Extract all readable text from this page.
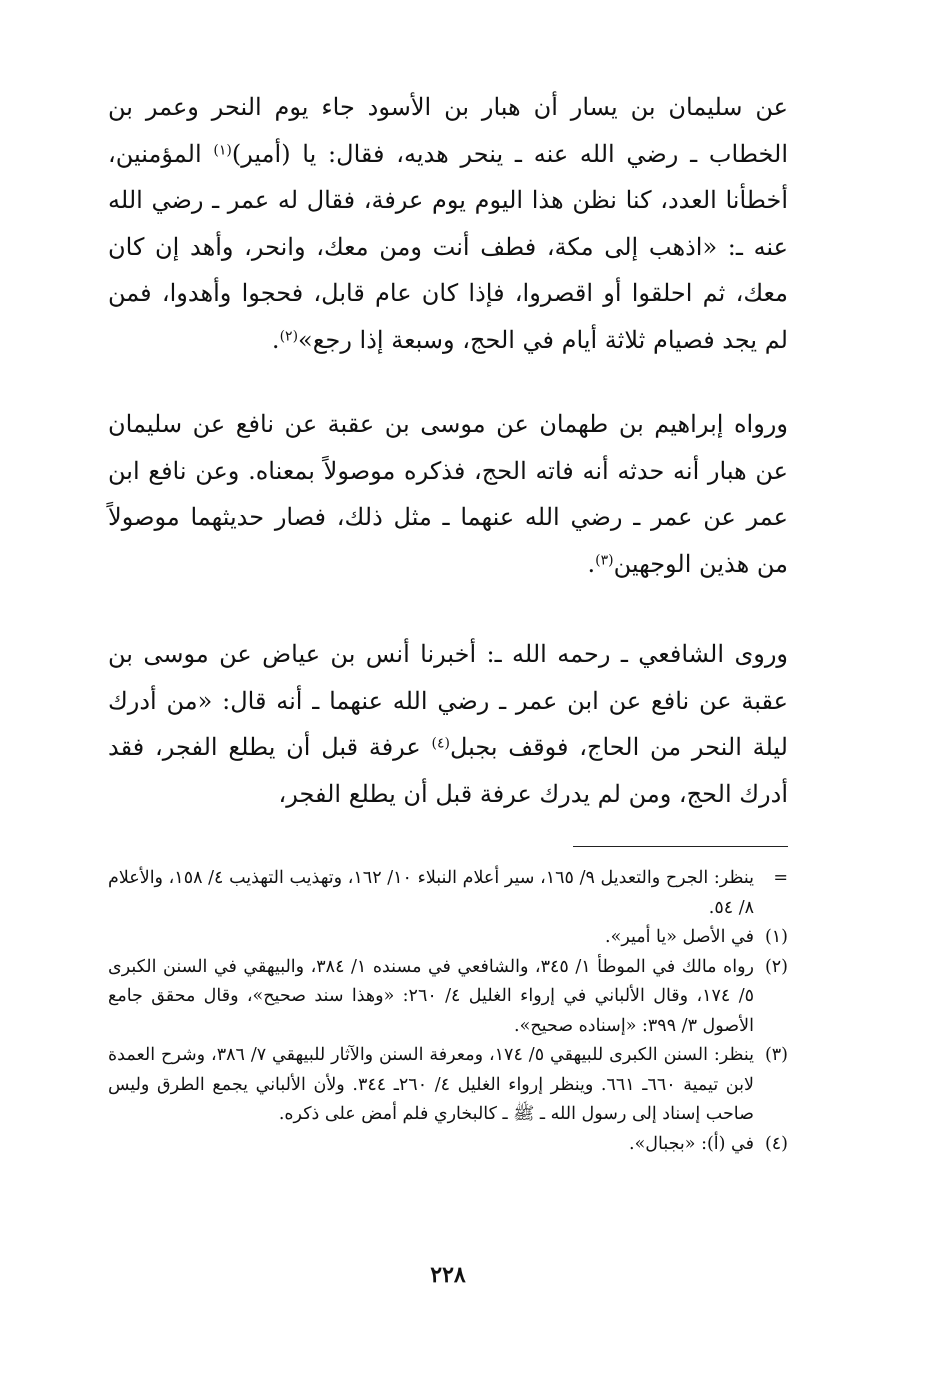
عن سليمان بن يسار أن هبار بن الأسود جاء يوم النحر وعمر بن الخطاب ـ رضي الله عنه ـ ينحر هديه، فقال: يا (أمير)$^{(١)}$ المؤمنين، أخطأنا العدد، كنا نظن هذا اليوم يوم عرفة، فقال له عمر ـ رضي الله عنه ـ: «اذهب إلى مكة، فطف أنت ومن معك، وانحر، وأهد إن كان معك، ثم احلقوا أو اقصروا، فإذا كان عام قابل، فحجوا وأهدوا، فمن لم يجد فصيام ثلاثة أيام في الحج، وسبعة إذا رجع»$^{(٢)}$.

ورواه إبراهيم بن طهمان عن موسى بن عقبة عن نافع عن سليمان عن هبار أنه حدثه أنه فاته الحج، فذكره موصولاً بمعناه. وعن نافع ابن عمر عن عمر ـ رضي الله عنهما ـ مثل ذلك، فصار حديثهما موصولاً من هذين الوجهين$^{(٣)}$.

وروى الشافعي ـ رحمه الله ـ: أخبرنا أنس بن عياض عن موسى بن عقبة عن نافع عن ابن عمر ـ رضي الله عنهما ـ أنه قال: «من أدرك ليلة النحر من الحاج، فوقف بجبل$^{(٤)}$ عرفة قبل أن يطلع الفجر، فقد أدرك الحج، ومن لم يدرك عرفة قبل أن يطلع الفجر،

=
ينظر: الجرح والتعديل ٩/ ١٦٥، سير أعلام النبلاء ١٠/ ١٦٢، وتهذيب التهذيب ٤/ ١٥٨، والأعلام ٨/ ٥٤.
(١)
في الأصل «يا أمير».
(٢)
رواه مالك في الموطأ ١/ ٣٤٥، والشافعي في مسنده ١/ ٣٨٤، والبيهقي في السنن الكبرى ٥/ ١٧٤، وقال الألباني في إرواء الغليل ٤/ ٢٦٠: «وهذا سند صحيح»، وقال محقق جامع الأصول ٣/ ٣٩٩: «إسناده صحيح».
(٣)
ينظر: السنن الكبرى للبيهقي ٥/ ١٧٤، ومعرفة السنن والآثار للبيهقي ٧/ ٣٨٦، وشرح العمدة لابن تيمية ٦٦٠ـ ٦٦١. وينظر إرواء الغليل ٤/ ٢٦٠ـ ٣٤٤. ولأن الألباني يجمع الطرق وليس صاحب إسناد إلى رسول الله ـ ﷺ ـ كالبخاري فلم أمض على ذكره.
(٤)
في (أ): «بجبال».
٢٢٨
